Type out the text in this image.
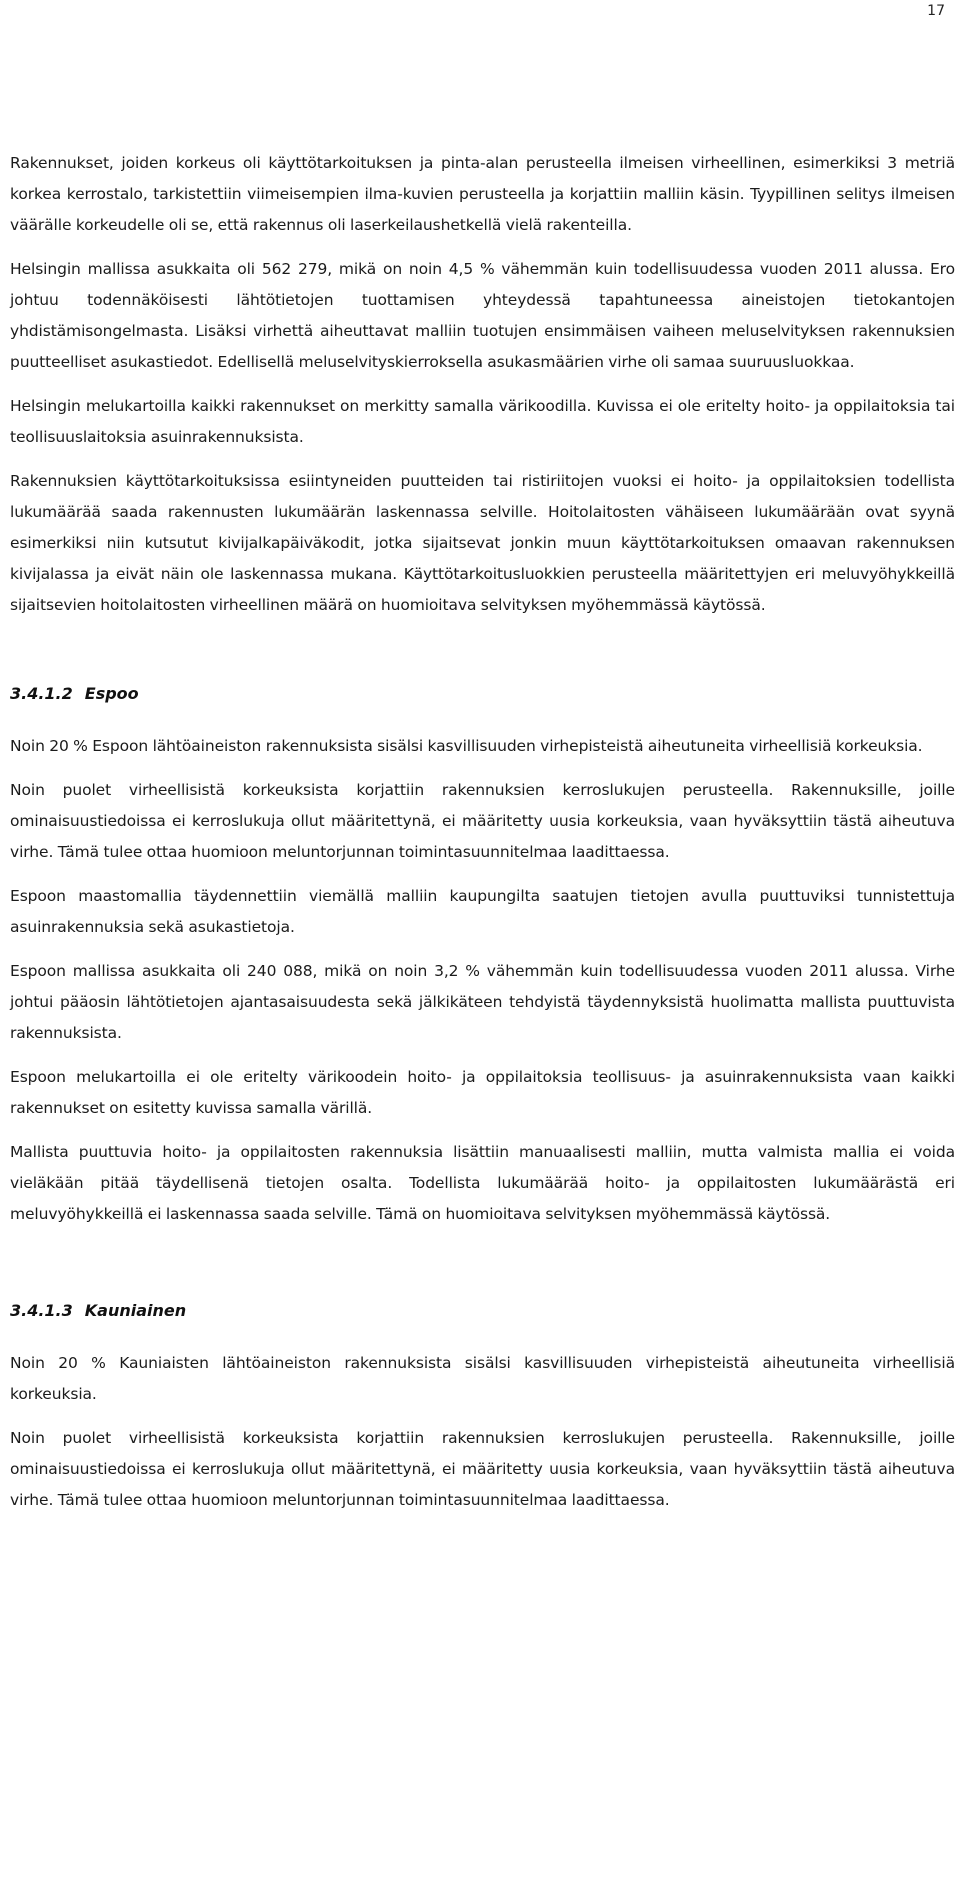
17

Rakennukset, joiden korkeus oli käyttötarkoituksen ja pinta-alan perusteella ilmeisen virheellinen, esimerkiksi 3 metriä korkea kerrostalo, tarkistettiin viimeisempien ilma-kuvien perusteella ja korjattiin malliin käsin. Tyypillinen selitys ilmeisen väärälle korkeudelle oli se, että rakennus oli laserkeilaushetkellä vielä rakenteilla.

Helsingin mallissa asukkaita oli 562 279, mikä on noin 4,5 % vähemmän kuin todellisuudessa vuoden 2011 alussa. Ero johtuu todennäköisesti lähtötietojen tuottamisen yhteydessä tapahtuneessa aineistojen tietokantojen yhdistämisongelmasta. Lisäksi virhettä aiheuttavat malliin tuotujen ensimmäisen vaiheen meluselvityksen rakennuksien puutteelliset asukastiedot. Edellisellä meluselvityskierroksella asukasmäärien virhe oli samaa suuruusluokkaa.

Helsingin melukartoilla kaikki rakennukset on merkitty samalla värikoodilla. Kuvissa ei ole eritelty hoito- ja oppilaitoksia tai teollisuuslaitoksia asuinrakennuksista.

Rakennuksien käyttötarkoituksissa esiintyneiden puutteiden tai ristiriitojen vuoksi ei hoito- ja oppilaitoksien todellista lukumäärää saada rakennusten lukumäärän laskennassa selville. Hoitolaitosten vähäiseen lukumäärään ovat syynä esimerkiksi niin kutsutut kivijalkapäiväkodit, jotka sijaitsevat jonkin muun käyttötarkoituksen omaavan rakennuksen kivijalassa ja eivät näin ole laskennassa mukana. Käyttötarkoitusluokkien perusteella määritettyjen eri meluvyöhykkeillä sijaitsevien hoitolaitosten virheellinen määrä on huomioitava selvityksen myöhemmässä käytössä.

3.4.1.2 Espoo

Noin 20 % Espoon lähtöaineiston rakennuksista sisälsi kasvillisuuden virhepisteistä aiheutuneita virheellisiä korkeuksia.

Noin puolet virheellisistä korkeuksista korjattiin rakennuksien kerroslukujen perusteella. Rakennuksille, joille ominaisuustiedoissa ei kerroslukuja ollut määritettynä, ei määritetty uusia korkeuksia, vaan hyväksyttiin tästä aiheutuva virhe. Tämä tulee ottaa huomioon meluntorjunnan toimintasuunnitelmaa laadittaessa.

Espoon maastomallia täydennettiin viemällä malliin kaupungilta saatujen tietojen avulla puuttuviksi tunnistettuja asuinrakennuksia sekä asukastietoja.

Espoon mallissa asukkaita oli 240 088, mikä on noin 3,2 % vähemmän kuin todellisuudessa vuoden 2011 alussa. Virhe johtui pääosin lähtötietojen ajantasaisuudesta sekä jälkikäteen tehdyistä täydennyksistä huolimatta mallista puuttuvista rakennuksista.

Espoon melukartoilla ei ole eritelty värikoodein hoito- ja oppilaitoksia teollisuus- ja asuinrakennuksista vaan kaikki rakennukset on esitetty kuvissa samalla värillä.

Mallista puuttuvia hoito- ja oppilaitosten rakennuksia lisättiin manuaalisesti malliin, mutta valmista mallia ei voida vieläkään pitää täydellisenä tietojen osalta. Todellista lukumäärää hoito- ja oppilaitosten lukumäärästä eri meluvyöhykkeillä ei laskennassa saada selville. Tämä on huomioitava selvityksen myöhemmässä käytössä.

3.4.1.3 Kauniainen

Noin 20 % Kauniaisten lähtöaineiston rakennuksista sisälsi kasvillisuuden virhepisteistä aiheutuneita virheellisiä korkeuksia.

Noin puolet virheellisistä korkeuksista korjattiin rakennuksien kerroslukujen perusteella. Rakennuksille, joille ominaisuustiedoissa ei kerroslukuja ollut määritettynä, ei määritetty uusia korkeuksia, vaan hyväksyttiin tästä aiheutuva virhe. Tämä tulee ottaa huomioon meluntorjunnan toimintasuunnitelmaa laadittaessa.
